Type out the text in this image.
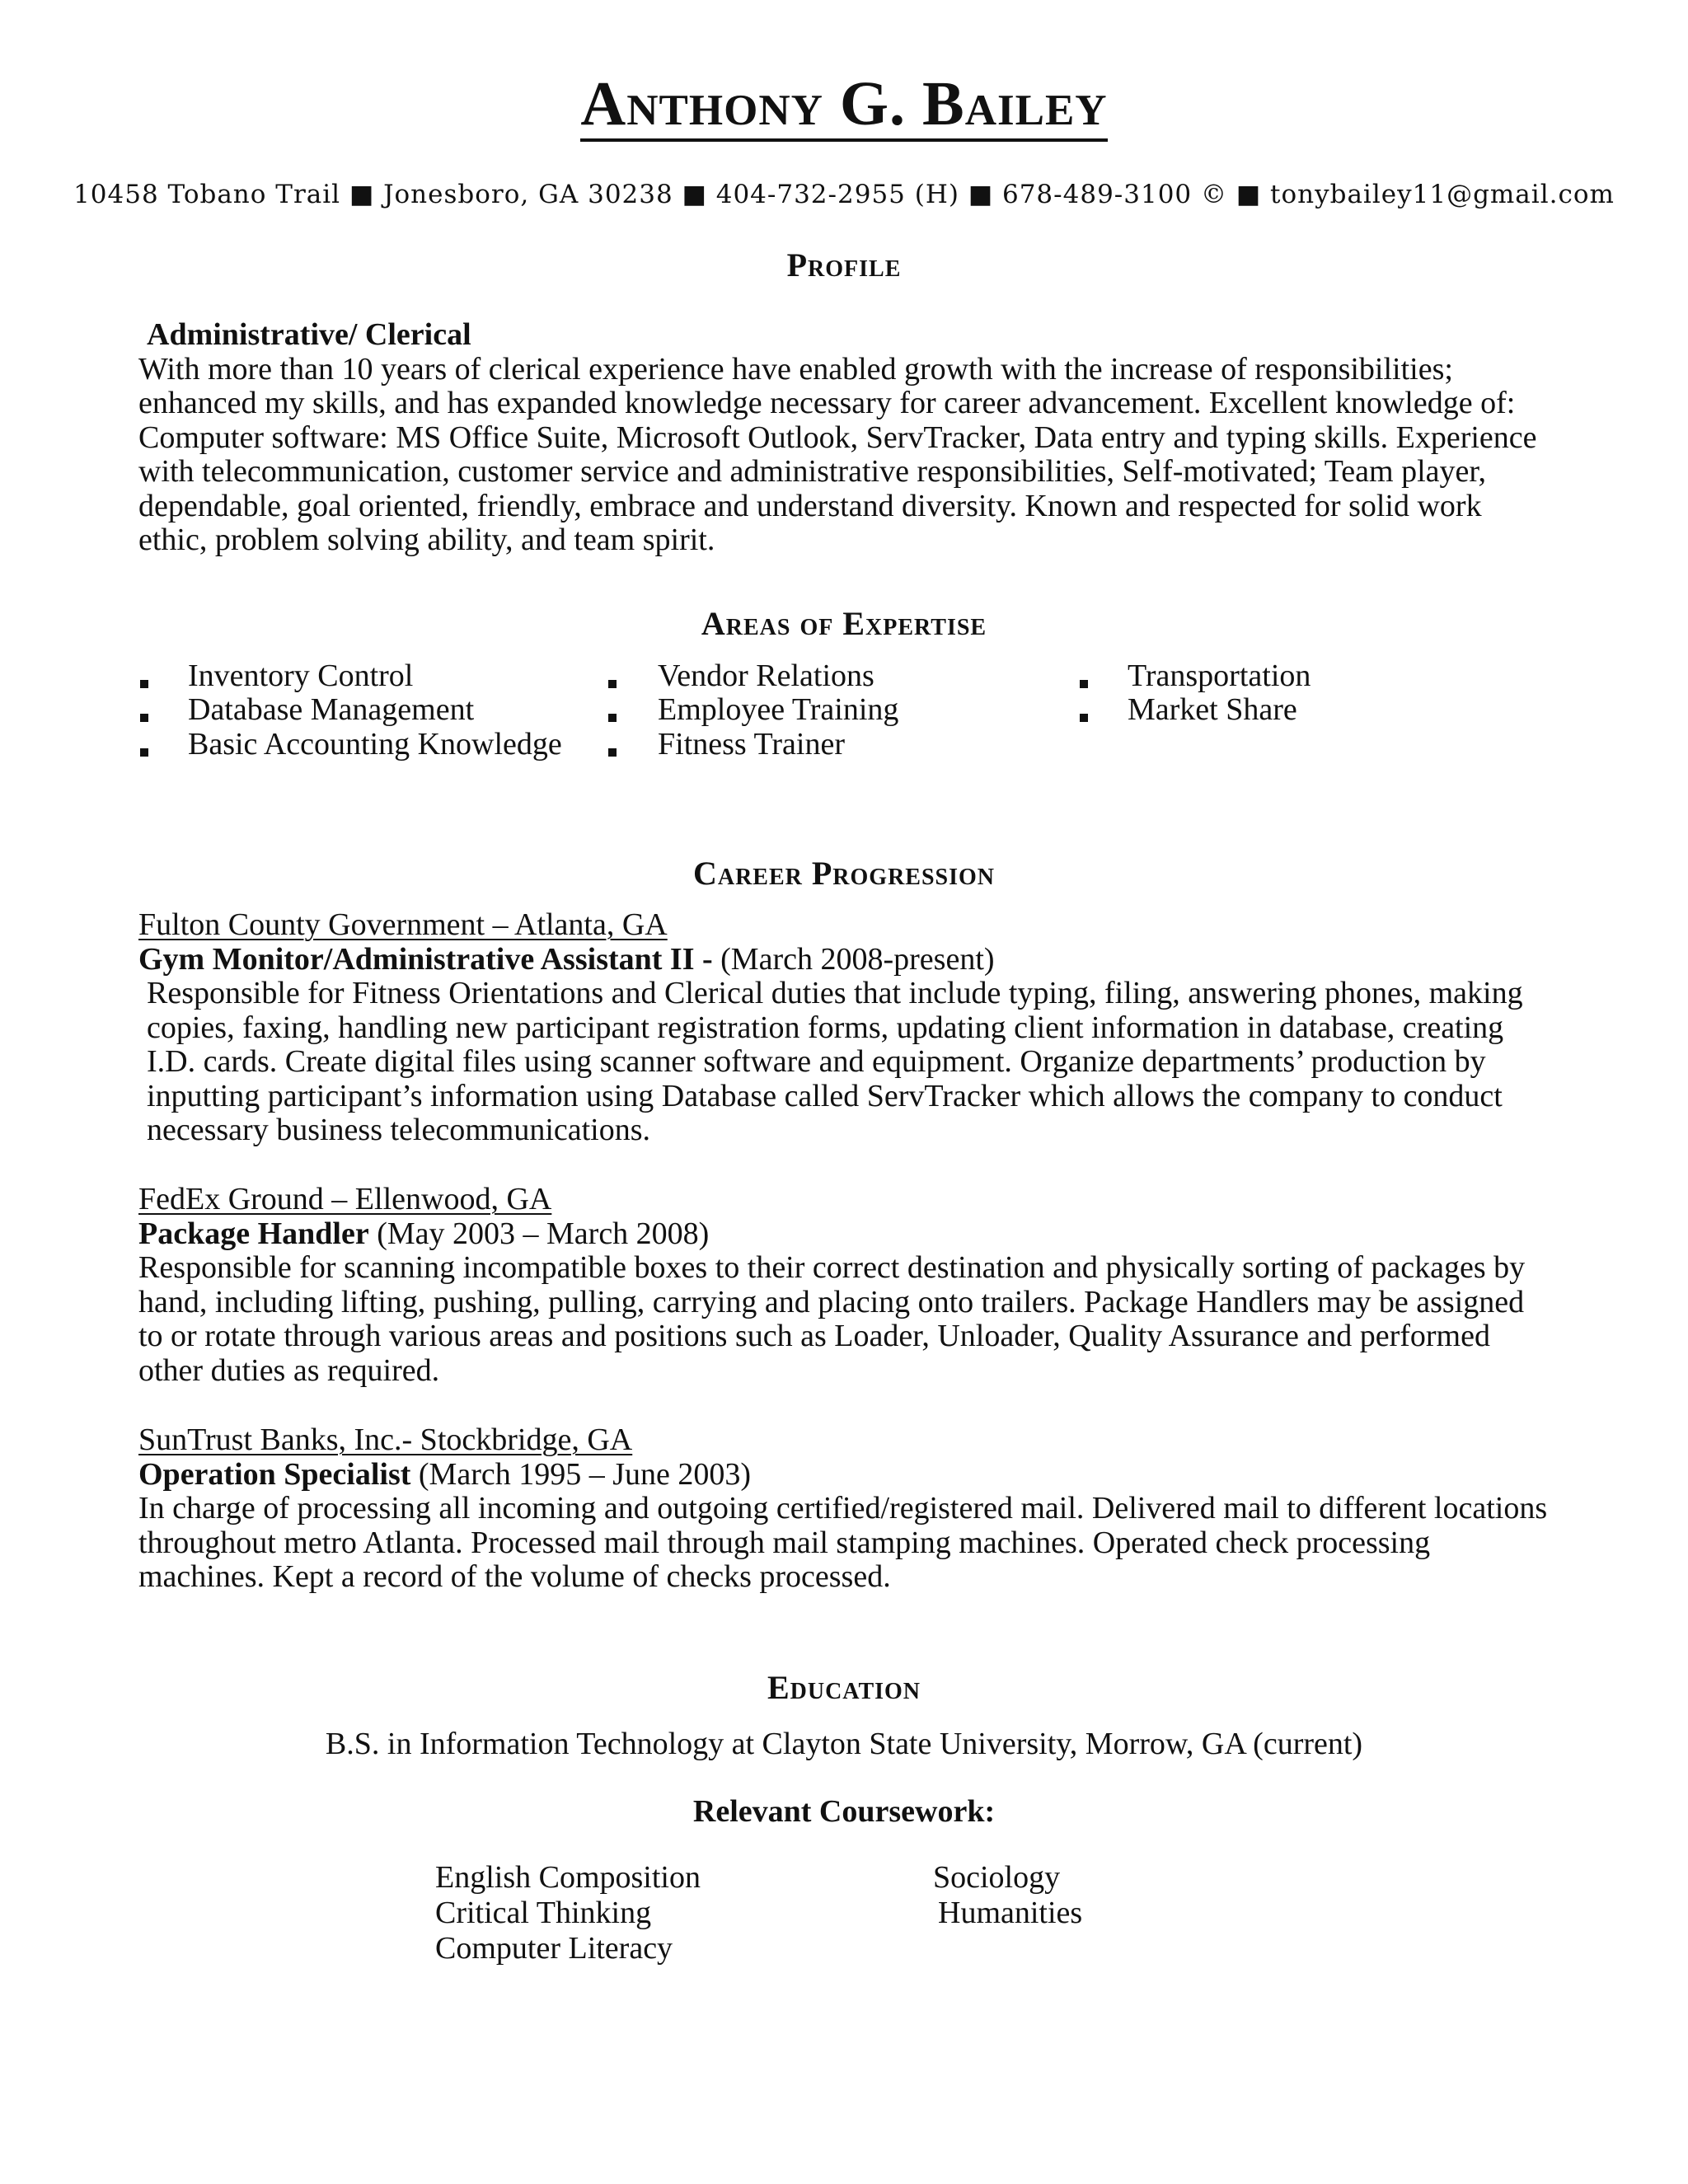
Anthony G. Bailey
10458 Tobano Trail ■ Jonesboro, GA 30238 ■ 404-732-2955 (H) ■ 678-489-3100 © ■ tonybailey11@gmail.com
Profile
Administrative/ Clerical
With more than 10 years of clerical experience have enabled growth with the increase of responsibilities; enhanced my skills, and has expanded knowledge necessary for career advancement. Excellent knowledge of: Computer software: MS Office Suite, Microsoft Outlook, ServTracker, Data entry and typing skills. Experience with telecommunication, customer service and administrative responsibilities, Self-motivated; Team player, dependable, goal oriented, friendly, embrace and understand diversity. Known and respected for solid work ethic, problem solving ability, and team spirit.
Areas of Expertise
Inventory Control
Database Management
Basic Accounting Knowledge
Vendor Relations
Employee Training
Fitness Trainer
Transportation
Market Share
Career Progression
Fulton County Government – Atlanta, GA
Gym Monitor/Administrative Assistant II - (March 2008-present)
Responsible for Fitness Orientations and Clerical duties that include typing, filing, answering phones, making copies, faxing, handling new participant registration forms, updating client information in database, creating I.D. cards. Create digital files using scanner software and equipment. Organize departments’ production by inputting participant’s information using Database called ServTracker which allows the company to conduct necessary business telecommunications.
FedEx Ground – Ellenwood, GA
Package Handler (May 2003 – March 2008)
Responsible for scanning incompatible boxes to their correct destination and physically sorting of packages by hand, including lifting, pushing, pulling, carrying and placing onto trailers. Package Handlers may be assigned to or rotate through various areas and positions such as Loader, Unloader, Quality Assurance and performed other duties as required.
SunTrust Banks, Inc.- Stockbridge, GA
Operation Specialist (March 1995 – June 2003)
In charge of processing all incoming and outgoing certified/registered mail. Delivered mail to different locations throughout metro Atlanta. Processed mail through mail stamping machines. Operated check processing machines. Kept a record of the volume of checks processed.
Education
B.S. in Information Technology at Clayton State University, Morrow, GA (current)
Relevant Coursework:
English Composition
Critical Thinking
Computer Literacy
Sociology
Humanities
